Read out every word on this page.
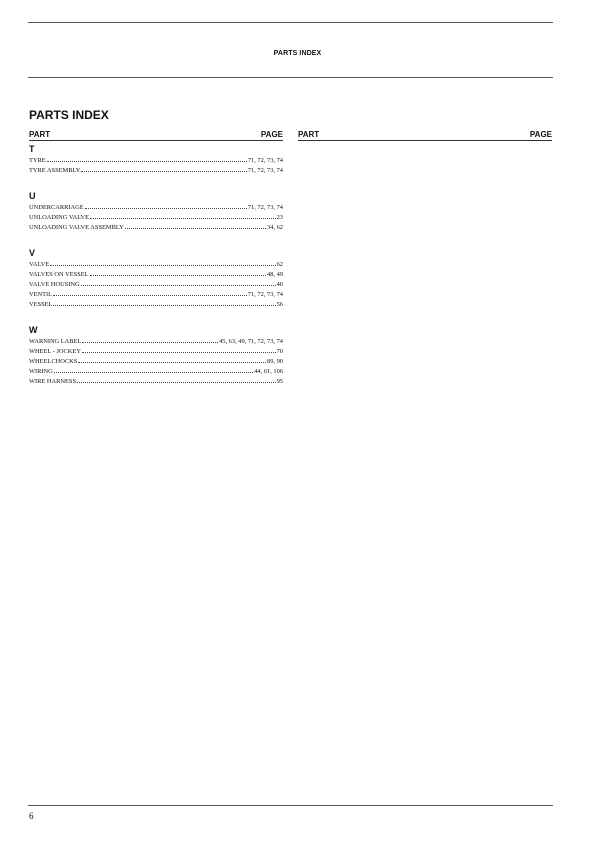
PARTS INDEX
PARTS INDEX
PART	PAGE
T
TYRE	71, 72, 73, 74
TYRE ASSEMBLY	71, 72, 73, 74
U
UNDERCARRIAGE	71, 72, 73, 74
UNLOADING VALVE	23
UNLOADING VALVE ASSEMBLY	34, 62
V
VALVE	62
VALVES ON VESSEL	48, 49
VALVE HOUSING	40
VENTIL	71, 72, 73, 74
VESSEL	56
W
WARNING LABEL	45, 63, 49, 71, 72, 73, 74
WHEEL - JOCKEY	70
WHEELCHOCKS	89, 90
WIRING	44, 61, 106
WIRE HARNESS	95
PART	PAGE
6
